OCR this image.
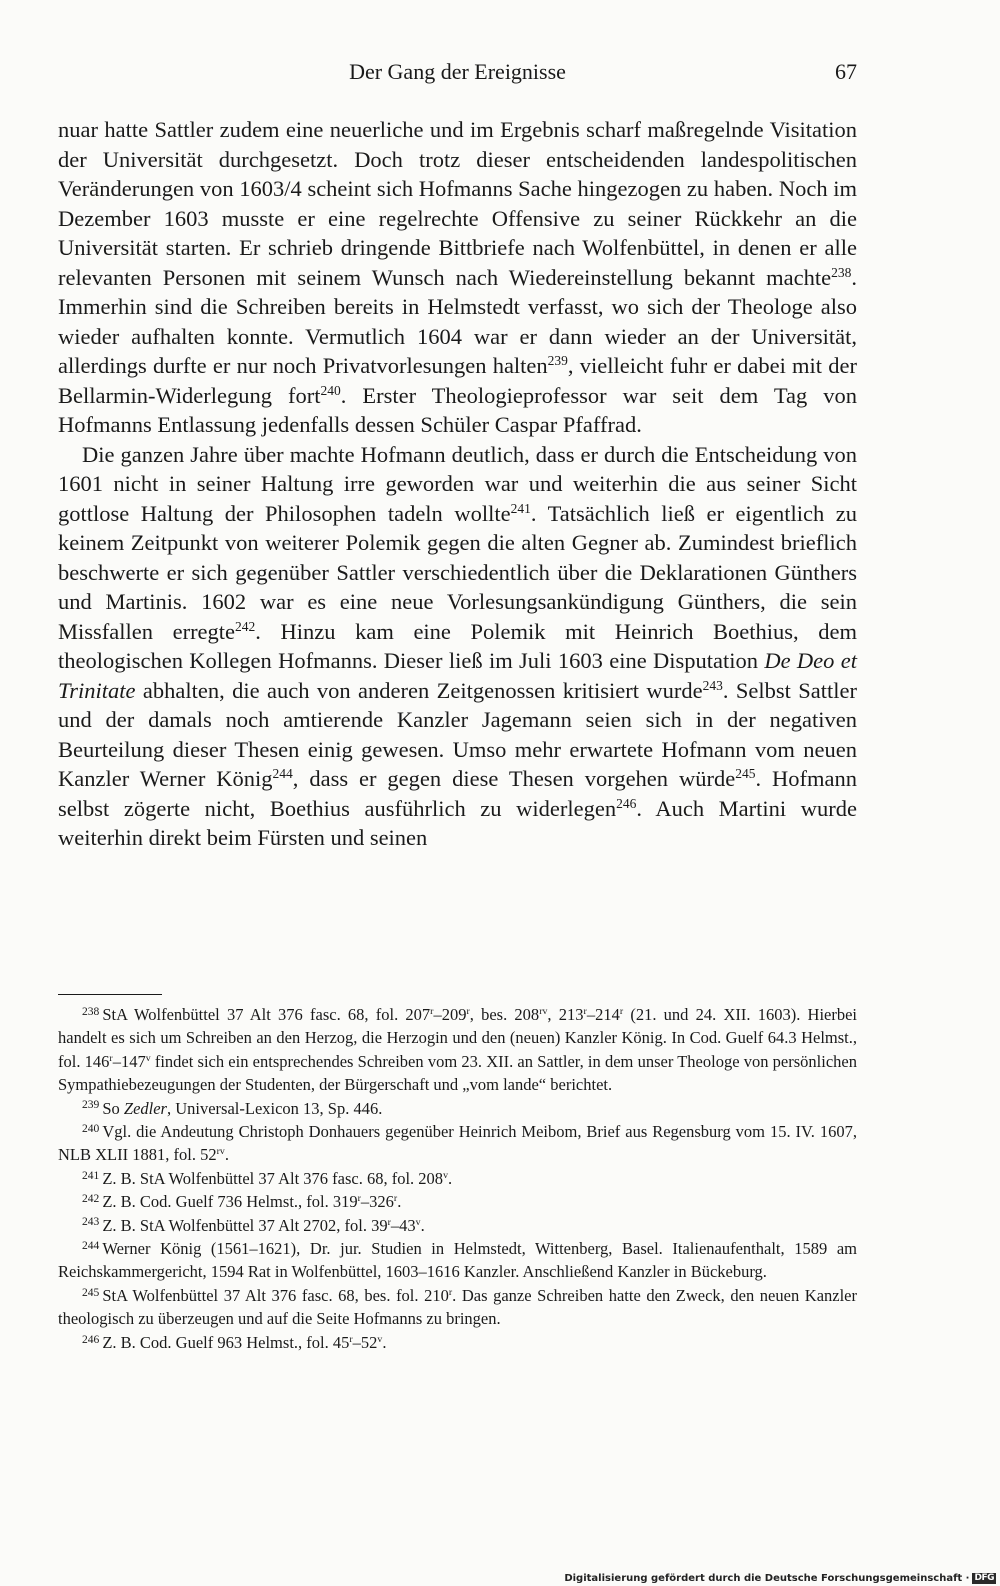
Der Gang der Ereignisse	67

nuar hatte Sattler zudem eine neuerliche und im Ergebnis scharf maßregelnde Visitation der Universität durchgesetzt. Doch trotz dieser entscheidenden landespolitischen Veränderungen von 1603/4 scheint sich Hofmanns Sache hingezogen zu haben. Noch im Dezember 1603 musste er eine regelrechte Offensive zu seiner Rückkehr an die Universität starten. Er schrieb dringende Bittbriefe nach Wolfenbüttel, in denen er alle relevanten Personen mit seinem Wunsch nach Wiedereinstellung bekannt machte$^{238}$. Immerhin sind die Schreiben bereits in Helmstedt verfasst, wo sich der Theologe also wieder aufhalten konnte. Vermutlich 1604 war er dann wieder an der Universität, allerdings durfte er nur noch Privatvorlesungen halten$^{239}$, vielleicht fuhr er dabei mit der Bellarmin-Widerlegung fort$^{240}$. Erster Theologieprofessor war seit dem Tag von Hofmanns Entlassung jedenfalls dessen Schüler Caspar Pfaffrad.

Die ganzen Jahre über machte Hofmann deutlich, dass er durch die Entscheidung von 1601 nicht in seiner Haltung irre geworden war und weiterhin die aus seiner Sicht gottlose Haltung der Philosophen tadeln wollte$^{241}$. Tatsächlich ließ er eigentlich zu keinem Zeitpunkt von weiterer Polemik gegen die alten Gegner ab. Zumindest brieflich beschwerte er sich gegenüber Sattler verschiedentlich über die Deklarationen Günthers und Martinis. 1602 war es eine neue Vorlesungsankündigung Günthers, die sein Missfallen erregte$^{242}$. Hinzu kam eine Polemik mit Heinrich Boethius, dem theologischen Kollegen Hofmanns. Dieser ließ im Juli 1603 eine Disputation De Deo et Trinitate abhalten, die auch von anderen Zeitgenossen kritisiert wurde$^{243}$. Selbst Sattler und der damals noch amtierende Kanzler Jagemann seien sich in der negativen Beurteilung dieser Thesen einig gewesen. Umso mehr erwartete Hofmann vom neuen Kanzler Werner König$^{244}$, dass er gegen diese Thesen vorgehen würde$^{245}$. Hofmann selbst zögerte nicht, Boethius ausführlich zu widerlegen$^{246}$. Auch Martini wurde weiterhin direkt beim Fürsten und seinen

$^{238}$ StA Wolfenbüttel 37 Alt 376 fasc. 68, fol. 207$^r$–209$^r$, bes. $208^{rv}$, 213$^r$–214$^r$ (21. und 24. XII. 1603). Hierbei handelt es sich um Schreiben an den Herzog, die Herzogin und den (neuen) Kanzler König. In Cod. Guelf 64.3 Helmst., fol. 146$^r$–147$^v$ findet sich ein entsprechendes Schreiben vom 23. XII. an Sattler, in dem unser Theologe von persönlichen Sympathiebezeugungen der Studenten, der Bürgerschaft und „vom lande“ berichtet.

$^{239}$ So Zedler, Universal-Lexicon 13, Sp. 446.

$^{240}$ Vgl. die Andeutung Christoph Donhauers gegenüber Heinrich Meibom, Brief aus Regensburg vom 15. IV. 1607, NLB XLII 1881, fol. $52^{rv}$.

$^{241}$ Z. B. StA Wolfenbüttel 37 Alt 376 fasc. 68, fol. 208$^v$.

$^{242}$ Z. B. Cod. Guelf 736 Helmst., fol. 319$^r$–326$^r$.

$^{243}$ Z. B. StA Wolfenbüttel 37 Alt 2702, fol. 39$^r$–43$^v$.

$^{244}$ Werner König (1561–1621), Dr. jur. Studien in Helmstedt, Wittenberg, Basel. Italienaufenthalt, 1589 am Reichskammergericht, 1594 Rat in Wolfenbüttel, 1603–1616 Kanzler. Anschließend Kanzler in Bückeburg.

$^{245}$ StA Wolfenbüttel 37 Alt 376 fasc. 68, bes. fol. 210$^r$. Das ganze Schreiben hatte den Zweck, den neuen Kanzler theologisch zu überzeugen und auf die Seite Hofmanns zu bringen.

$^{246}$ Z. B. Cod. Guelf 963 Helmst., fol. 45$^r$–52$^v$.

Digitalisierung gefördert durch die Deutsche Forschungsgemeinschaft · DFG
